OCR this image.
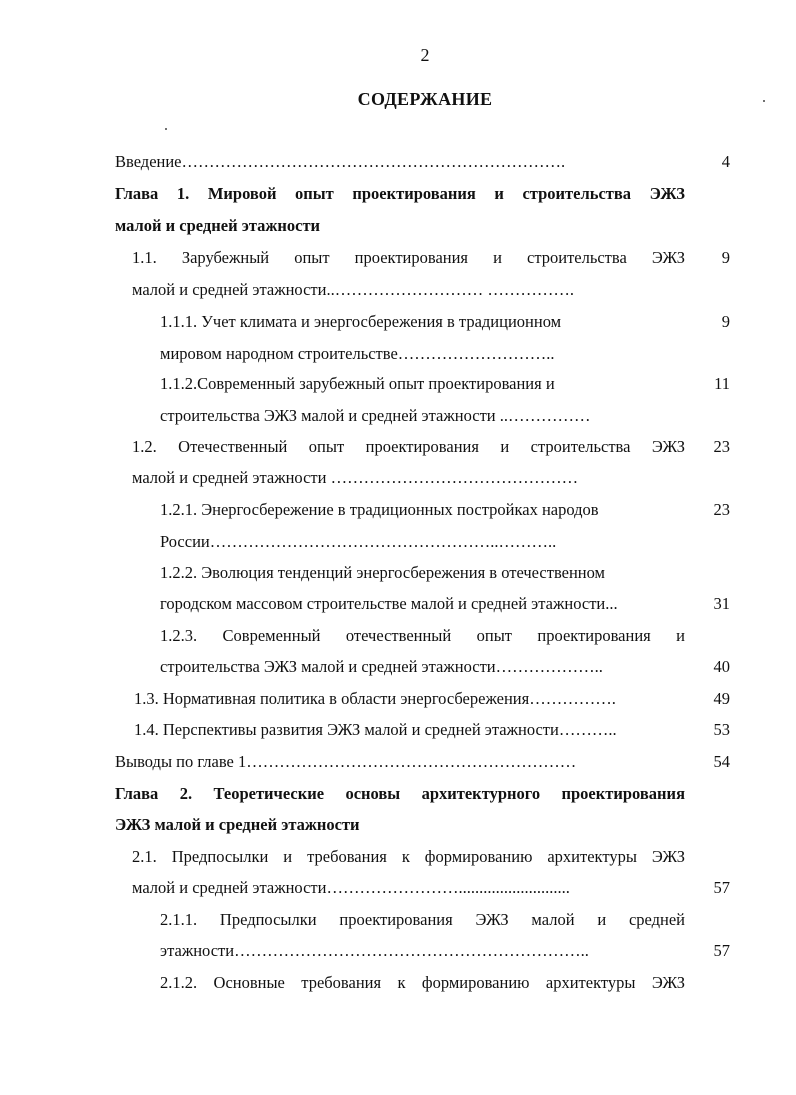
2
СОДЕРЖАНИЕ
Введение…………………………………………………………….	4
Глава 1. Мировой опыт проектирования и строительства ЭЖЗ
малой и средней этажности
1.1. Зарубежный опыт проектирования и строительства ЭЖЗ	9
малой и средней этажности..……………………… …………….
1.1.1. Учет климата и энергосбережения в традиционном	9
мировом народном строительстве………………………..
1.1.2.Современный зарубежный опыт проектирования и	11
строительства ЭЖЗ малой и средней этажности ..……………
1.2. Отечественный опыт проектирования и строительства ЭЖЗ	23
малой и средней этажности ………………………………………
1.2.1. Энергосбережение в традиционных постройках народов	23
России……………………………………………..………..
1.2.2. Эволюция тенденций энергосбережения в отечественном
городском массовом строительстве малой и средней этажности...	31
1.2.3. Современный отечественный опыт проектирования и
строительства ЭЖЗ малой и средней этажности………………..	40
1.3. Нормативная политика в области энергосбережения…………….	49
1.4. Перспективы развития ЭЖЗ малой и средней этажности………..	53
Выводы по главе 1……………………………………………………	54
Глава 2. Теоретические основы архитектурного проектирования
ЭЖЗ малой и средней этажности
2.1. Предпосылки и требования к формированию архитектуры ЭЖЗ
малой и средней этажности……………………...........................	57
2.1.1. Предпосылки проектирования ЭЖЗ малой и средней
этажности………………………………………………………..	57
2.1.2. Основные требования к формированию архитектуры ЭЖЗ
